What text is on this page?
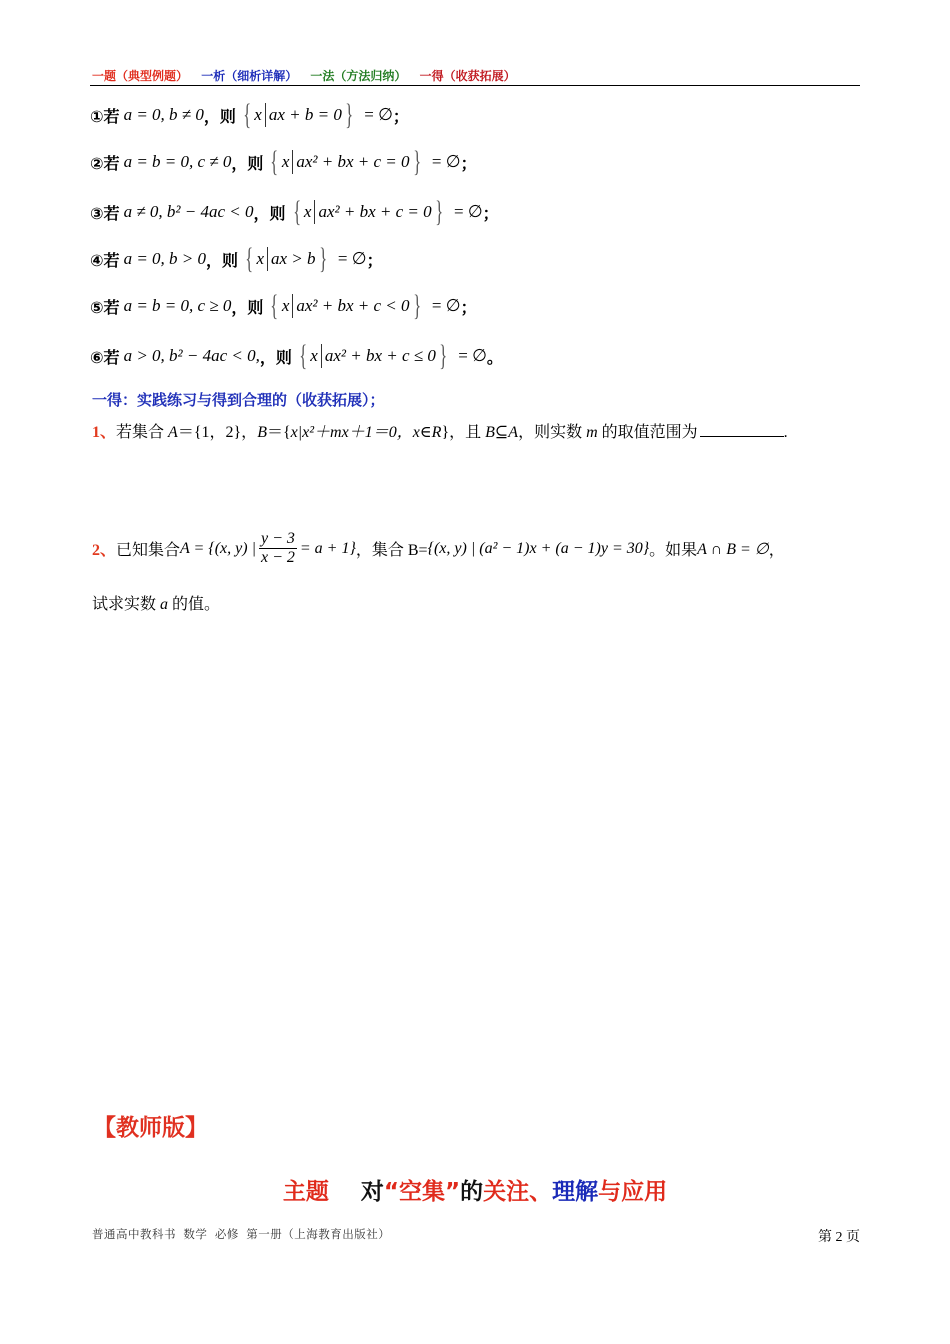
一题（典型例题） 一析（细析详解） 一法（方法归纳） 一得（收获拓展）
①若 a = 0, b ≠ 0 ，则 { x ax + b = 0 } = ∅ ；
②若 a = b = 0, c ≠ 0 ，则 { x ax² + bx + c = 0 } = ∅ ；
③若 a ≠ 0, b² − 4ac < 0 ，则 { x ax² + bx + c = 0 } = ∅ ；
④若 a = 0, b > 0 ，则 { x ax > b } = ∅ ；
⑤若 a = b = 0, c ≥ 0 ，则 { x ax² + bx + c < 0 } = ∅ ；
⑥若 a > 0, b² − 4ac < 0, ，则 { x ax² + bx + c ≤ 0 } = ∅ 。
一得：实践练习与得到合理的（收获拓展）；
1、若集合 A＝{1，2}，B＝{x|x²＋mx＋1＝0，x∈R}，且 B⊆A，则实数 m 的取值范围为	.
2、 已知集合 A = {(x, y) | $\frac{y - 3}{x - 2} = a + 1$} ，集合 B= {(x, y) | (a² − 1)x + (a − 1)y = 30} 。如果 A ∩ B = ∅ ，
试求实数 a 的值。
【教师版】
主题 对“空集”的关注、理解与应用
普通高中教科书 数学 必修 第一册（上海教育出版社）	第 2 页
